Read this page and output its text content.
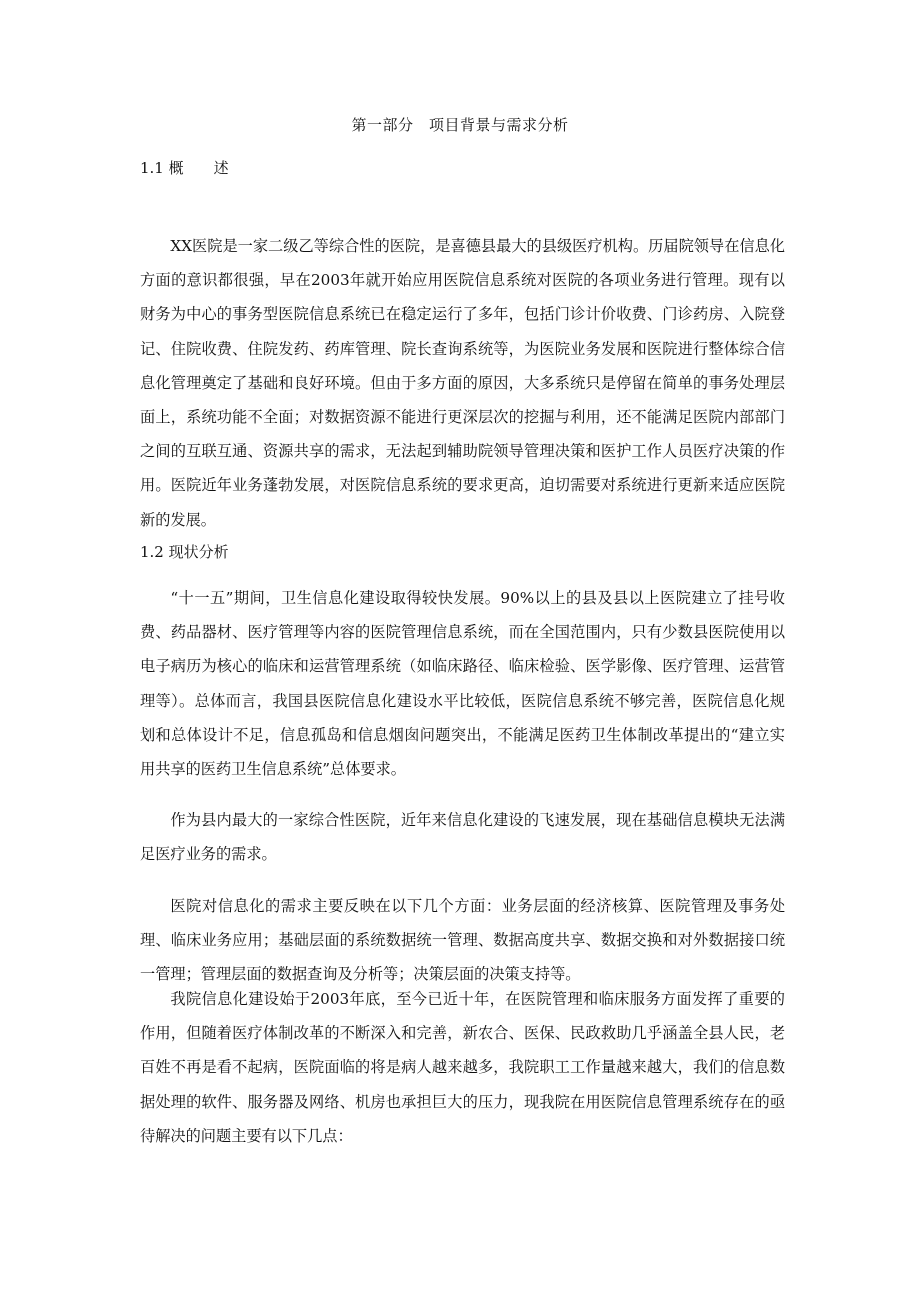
第一部分　项目背景与需求分析
1.1 概　　述

XX医院是一家二级乙等综合性的医院，是喜德县最大的县级医疗机构。历届院领导在信息化方面的意识都很强，早在2003年就开始应用医院信息系统对医院的各项业务进行管理。现有以财务为中心的事务型医院信息系统已在稳定运行了多年，包括门诊计价收费、门诊药房、入院登记、住院收费、住院发药、药库管理、院长查询系统等，为医院业务发展和医院进行整体综合信息化管理奠定了基础和良好环境。但由于多方面的原因，大多系统只是停留在简单的事务处理层面上，系统功能不全面；对数据资源不能进行更深层次的挖掘与利用，还不能满足医院内部部门之间的互联互通、资源共享的需求，无法起到辅助院领导管理决策和医护工作人员医疗决策的作用。医院近年业务蓬勃发展，对医院信息系统的要求更高，迫切需要对系统进行更新来适应医院新的发展。

1.2 现状分析

“十一五”期间，卫生信息化建设取得较快发展。90%以上的县及县以上医院建立了挂号收费、药品器材、医疗管理等内容的医院管理信息系统，而在全国范围内，只有少数县医院使用以电子病历为核心的临床和运营管理系统（如临床路径、临床检验、医学影像、医疗管理、运营管理等）。总体而言，我国县医院信息化建设水平比较低，医院信息系统不够完善，医院信息化规划和总体设计不足，信息孤岛和信息烟囱问题突出，不能满足医药卫生体制改革提出的“建立实用共享的医药卫生信息系统”总体要求。

作为县内最大的一家综合性医院，近年来信息化建设的飞速发展，现在基础信息模块无法满足医疗业务的需求。

医院对信息化的需求主要反映在以下几个方面：业务层面的经济核算、医院管理及事务处理、临床业务应用；基础层面的系统数据统一管理、数据高度共享、数据交换和对外数据接口统一管理；管理层面的数据查询及分析等；决策层面的决策支持等。

我院信息化建设始于2003年底，至今已近十年，在医院管理和临床服务方面发挥了重要的作用，但随着医疗体制改革的不断深入和完善，新农合、医保、民政救助几乎涵盖全县人民，老百姓不再是看不起病，医院面临的将是病人越来越多，我院职工工作量越来越大，我们的信息数据处理的软件、服务器及网络、机房也承担巨大的压力，现我院在用医院信息管理系统存在的亟待解决的问题主要有以下几点：
